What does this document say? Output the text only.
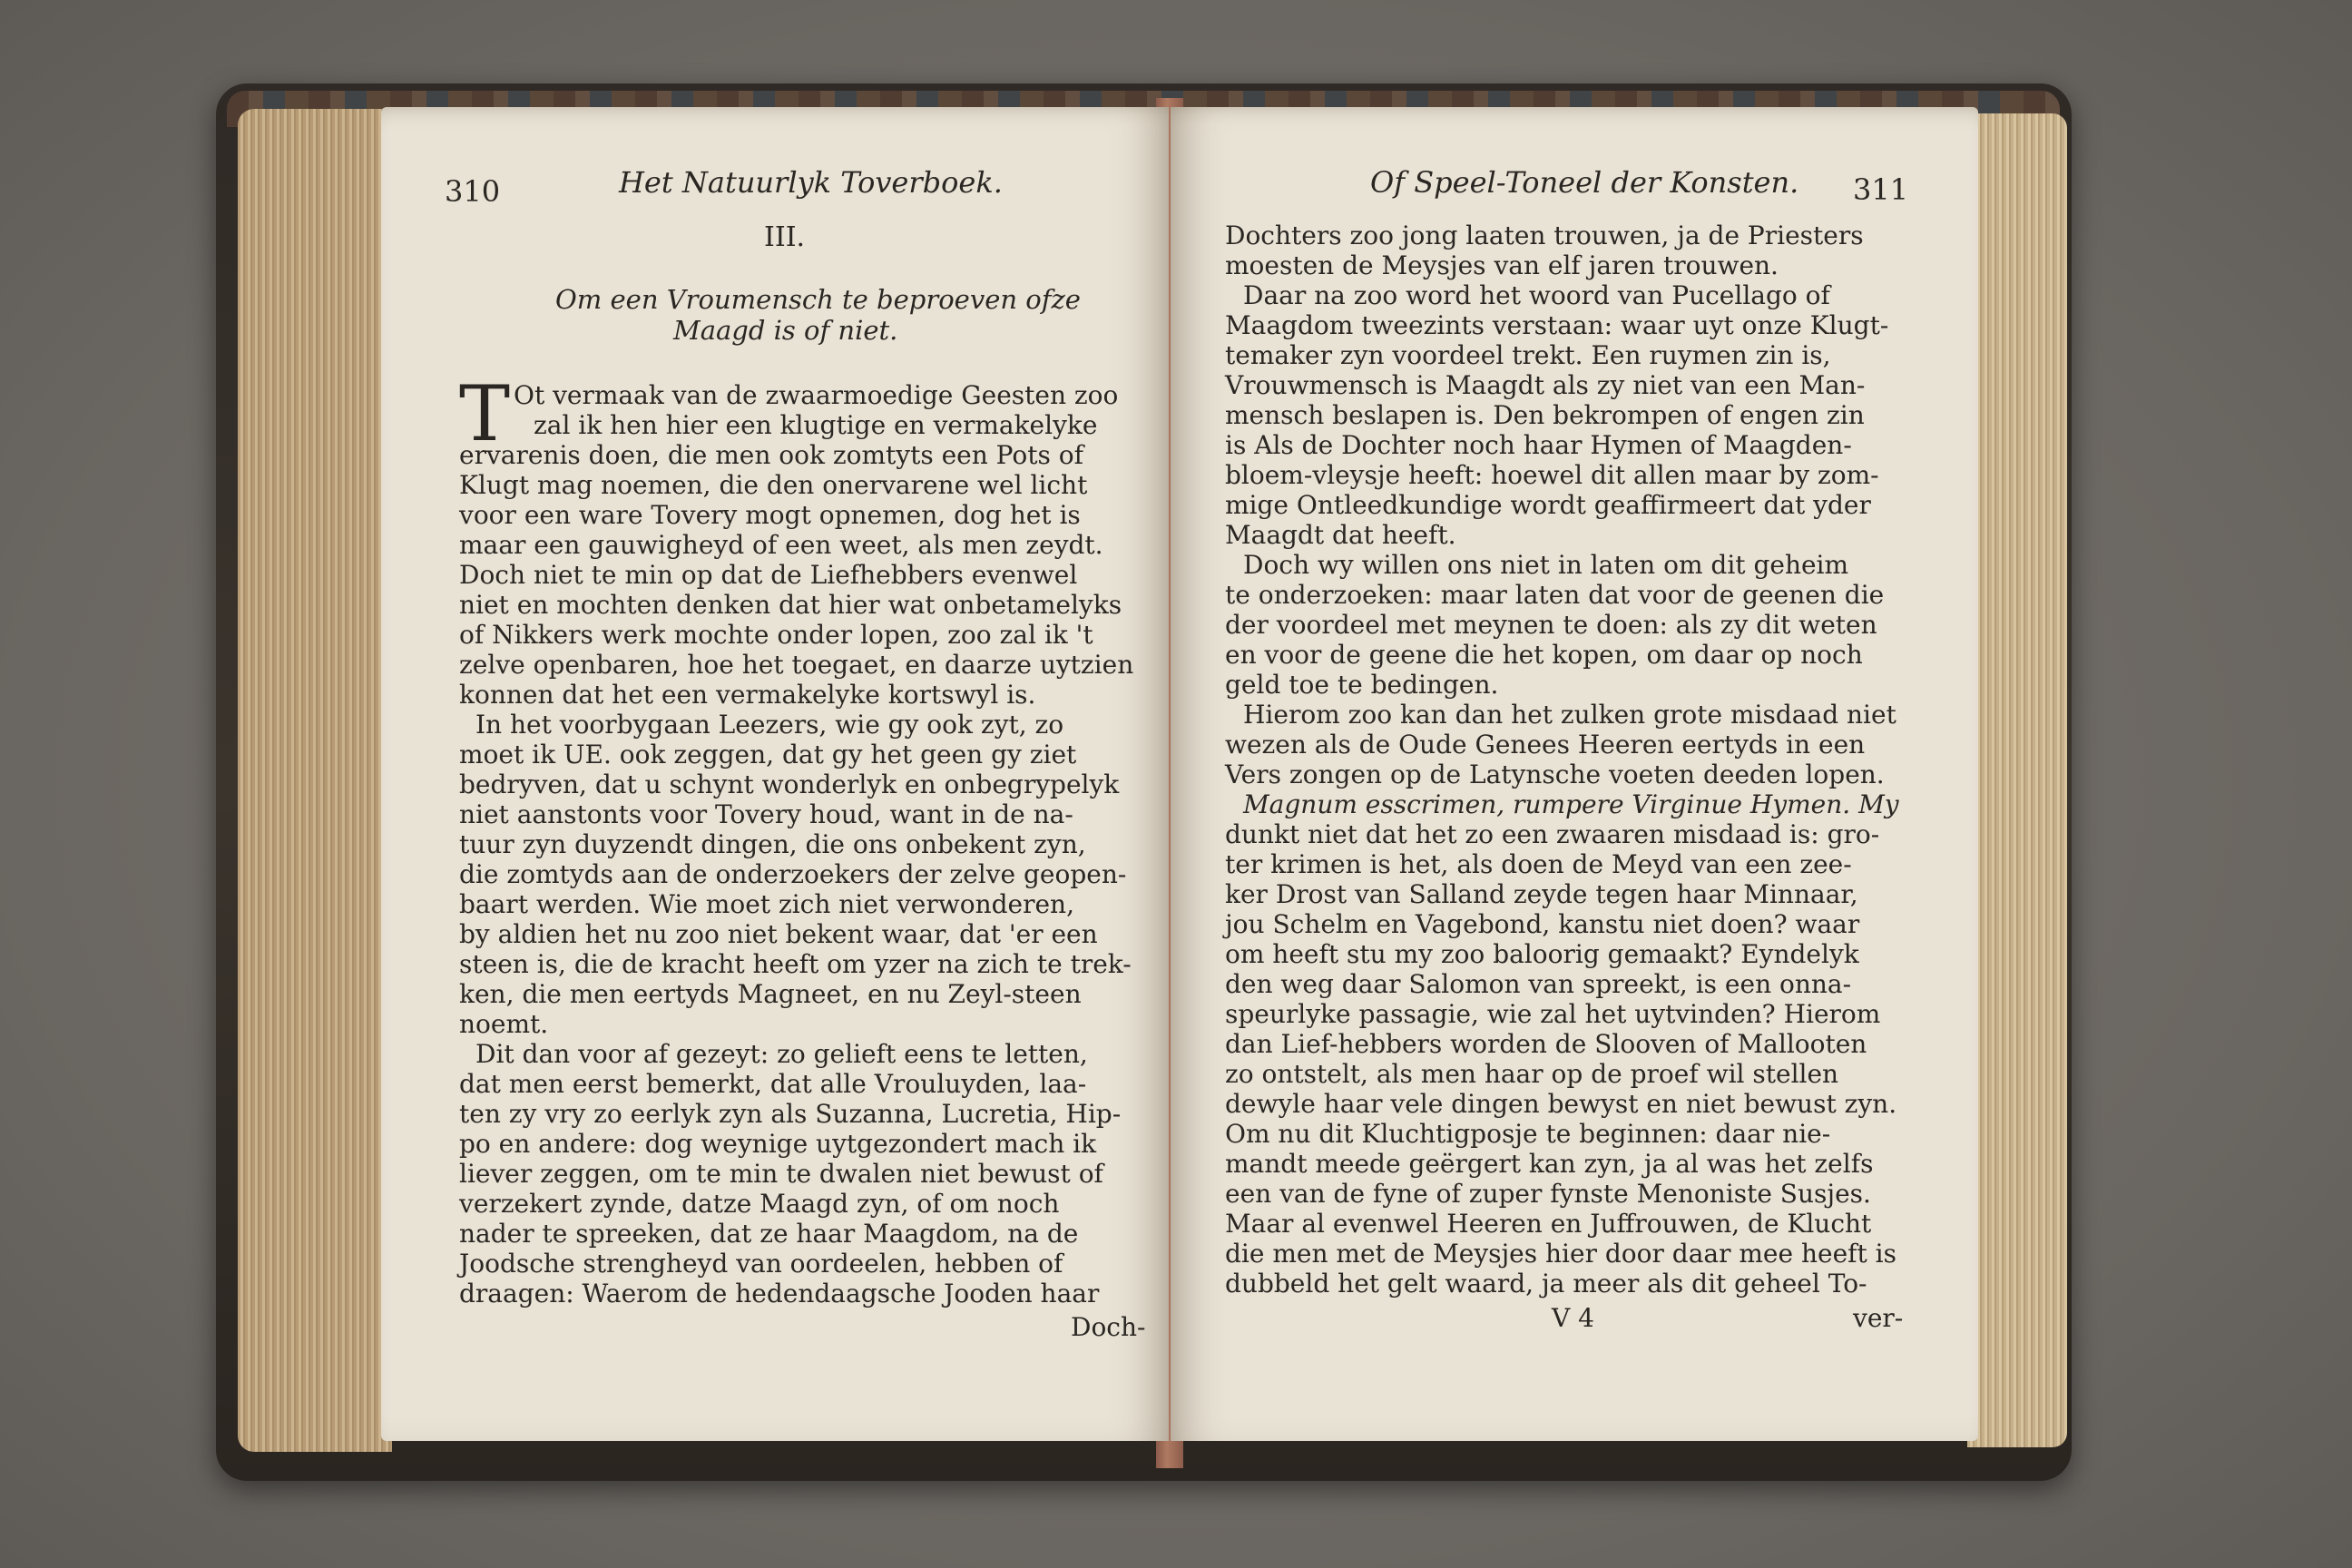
310	Het Natuurlyk Toverboek.
III.
Om een Vroumensch te beproeven ofze
Maagd is of niet.
T Ot vermaak van de zwaarmoedige Geesten zoo
zal ik hen hier een klugtige en vermakelyke
ervarenis doen, die men ook zomtyts een Pots of
Klugt mag noemen, die den onervarene wel licht
voor een ware Tovery mogt opnemen, dog het is
maar een gauwigheyd of een weet, als men zeydt.
Doch niet te min op dat de Liefhebbers evenwel
niet en mochten denken dat hier wat onbetamelyks
of Nikkers werk mochte onder lopen, zoo zal ik 't
zelve openbaren, hoe het toegaet, en daarze uytzien
konnen dat het een vermakelyke kortswyl is.
In het voorbygaan Leezers, wie gy ook zyt, zo
moet ik UE. ook zeggen, dat gy het geen gy ziet
bedryven, dat u schynt wonderlyk en onbegrypelyk
niet aanstonts voor Tovery houd, want in de na-
tuur zyn duyzendt dingen, die ons onbekent zyn,
die zomtyds aan de onderzoekers der zelve geopen-
baart werden. Wie moet zich niet verwonderen,
by aldien het nu zoo niet bekent waar, dat 'er een
steen is, die de kracht heeft om yzer na zich te trek-
ken, die men eertyds Magneet, en nu Zeyl-steen
noemt.
Dit dan voor af gezeyt: zo gelieft eens te letten,
dat men eerst bemerkt, dat alle Vrouluyden, laa-
ten zy vry zo eerlyk zyn als Suzanna, Lucretia, Hip-
po en andere: dog weynige uytgezondert mach ik
liever zeggen, om te min te dwalen niet bewust of
verzekert zynde, datze Maagd zyn, of om noch
nader te spreeken, dat ze haar Maagdom, na de
Joodsche strengheyd van oordeelen, hebben of
draagen: Waerom de hedendaagsche Jooden haar
Doch-
Of Speel-Toneel der Konsten. 311
Dochters zoo jong laaten trouwen, ja de Priesters
moesten de Meysjes van elf jaren trouwen.
Daar na zoo word het woord van Pucellago of
Maagdom tweezints verstaan: waar uyt onze Klugt-
temaker zyn voordeel trekt. Een ruymen zin is,
Vrouwmensch is Maagdt als zy niet van een Man-
mensch beslapen is. Den bekrompen of engen zin
is Als de Dochter noch haar Hymen of Maagden-
bloem-vleysje heeft: hoewel dit allen maar by zom-
mige Ontleedkundige wordt geaffirmeert dat yder
Maagdt dat heeft.
Doch wy willen ons niet in laten om dit geheim
te onderzoeken: maar laten dat voor de geenen die
der voordeel met meynen te doen: als zy dit weten
en voor de geene die het kopen, om daar op noch
geld toe te bedingen.
Hierom zoo kan dan het zulken grote misdaad niet
wezen als de Oude Genees Heeren eertyds in een
Vers zongen op de Latynsche voeten deeden lopen.
Magnum esscrimen, rumpere Virginue Hymen. My
dunkt niet dat het zo een zwaaren misdaad is: gro-
ter krimen is het, als doen de Meyd van een zee-
ker Drost van Salland zeyde tegen haar Minnaar,
jou Schelm en Vagebond, kanstu niet doen? waar
om heeft stu my zoo baloorig gemaakt? Eyndelyk
den weg daar Salomon van spreekt, is een onna-
speurlyke passagie, wie zal het uytvinden? Hierom
dan Lief-hebbers worden de Slooven of Mallooten
zo ontstelt, als men haar op de proef wil stellen
dewyle haar vele dingen bewyst en niet bewust zyn.
Om nu dit Kluchtigposje te beginnen: daar nie-
mandt meede geërgert kan zyn, ja al was het zelfs
een van de fyne of zuper fynste Menoniste Susjes.
Maar al evenwel Heeren en Juffrouwen, de Klucht
die men met de Meysjes hier door daar mee heeft is
dubbeld het gelt waard, ja meer als dit geheel To-
V 4	ver-
